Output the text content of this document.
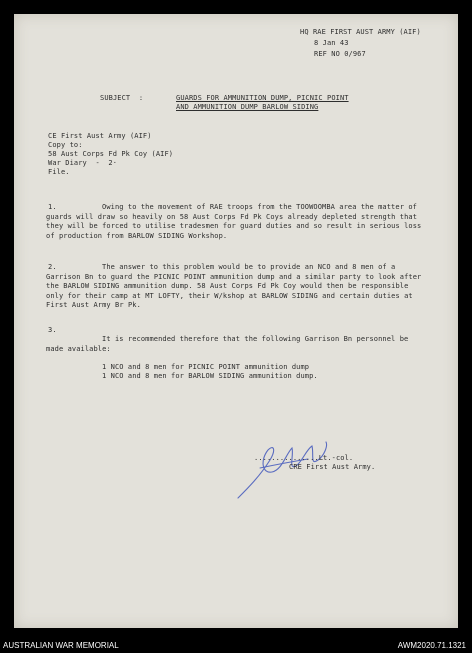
HQ RAE FIRST AUST ARMY (AIF)
8 Jan 43
REF NO 0/967
SUBJECT  :	GUARDS FOR AMMUNITION DUMP, PICNIC POINT
AND AMMUNITION DUMP BARLOW SIDING
CE First Aust Army (AIF)
Copy to:
58 Aust Corps Fd Pk Coy (AIF)
War Diary  -  2·
File.
1.	Owing to the movement of RAE troops from the TOOWOOMBA area the matter of guards will draw so heavily on 58 Aust Corps Fd Pk Coys already depleted strength that they will be forced to utilise tradesmen for guard duties and so result in serious loss of production from BARLOW SIDING Workshop.
2.	The answer to this problem would be to provide an NCO and 8 men of a Garrison Bn to guard the PICNIC POINT ammunition dump and a similar party to look after the BARLOW SIDING ammunition dump. 58 Aust Corps Fd Pk Coy would then be responsible only for their camp at MT LOFTY, their W/kshop at BARLOW SIDING and certain duties at First Aust Army Br Pk.
3.
It is recommended therefore that the following Garrison Bn personnel be made available:
1 NCO and 8 men for PICNIC POINT ammunition dump
1 NCO and 8 men for BARLOW SIDING ammunition dump.
...............Lt.-col.
CRE First Aust Army.
AUSTRALIAN WAR MEMORIAL	AWM2020.71.1321
